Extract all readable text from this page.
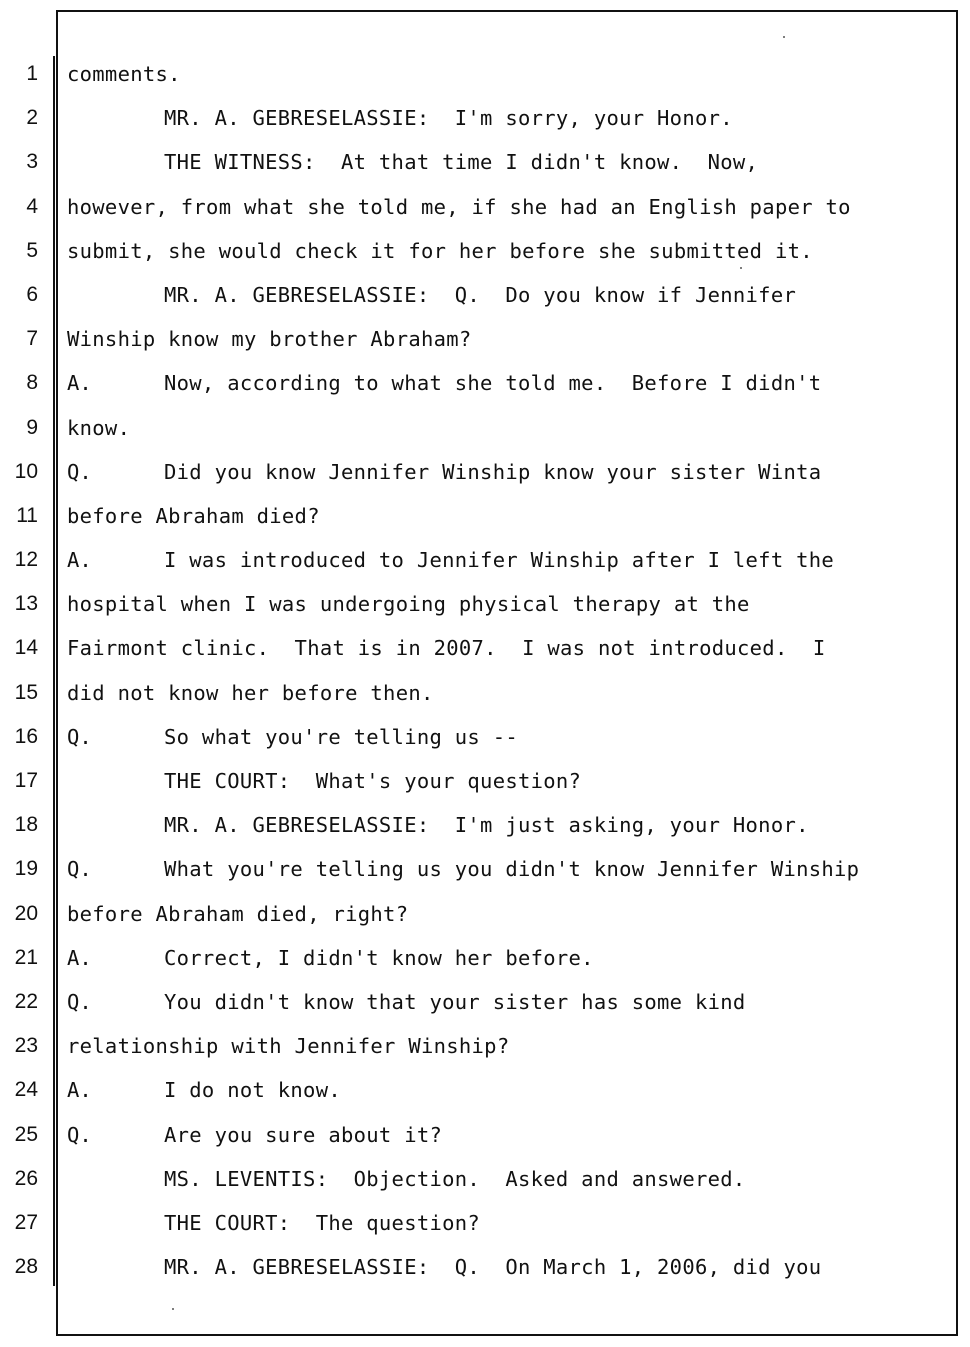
1 comments.
2	MR. A. GEBRESELASSIE:  I'm sorry, your Honor.
3	THE WITNESS:  At that time I didn't know.  Now,
4 however, from what she told me, if she had an English paper to
5 submit, she would check it for her before she submitted it.
6	MR. A. GEBRESELASSIE:  Q.  Do you know if Jennifer
7 Winship know my brother Abraham?
8 A.	Now, according to what she told me.  Before I didn't
9 know.
10 Q.	Did you know Jennifer Winship know your sister Winta
11 before Abraham died?
12 A.	I was introduced to Jennifer Winship after I left the
13 hospital when I was undergoing physical therapy at the
14 Fairmont clinic.  That is in 2007.  I was not introduced.  I
15 did not know her before then.
16 Q.	So what you're telling us --
17	THE COURT:  What's your question?
18	MR. A. GEBRESELASSIE:  I'm just asking, your Honor.
19 Q.	What you're telling us you didn't know Jennifer Winship
20 before Abraham died, right?
21 A.	Correct, I didn't know her before.
22 Q.	You didn't know that your sister has some kind
23 relationship with Jennifer Winship?
24 A.	I do not know.
25 Q.	Are you sure about it?
26	MS. LEVENTIS:  Objection.  Asked and answered.
27	THE COURT:  The question?
28	MR. A. GEBRESELASSIE:  Q.  On March 1, 2006, did you
